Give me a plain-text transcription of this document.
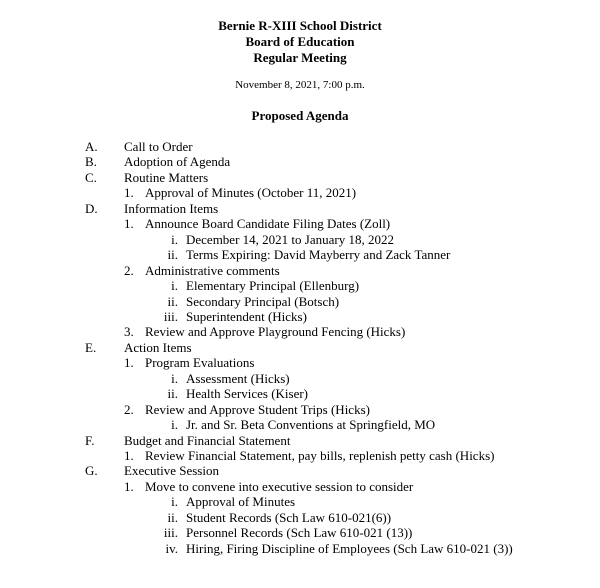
Bernie R-XIII School District
Board of Education
Regular Meeting
November 8, 2021, 7:00 p.m.
Proposed Agenda
A.	Call to Order
B.	Adoption of Agenda
C.	Routine Matters
1. Approval of Minutes (October 11, 2021)
D.	Information Items
1. Announce Board Candidate Filing Dates (Zoll)
i. December 14, 2021 to January 18, 2022
ii. Terms Expiring: David Mayberry and Zack Tanner
2. Administrative comments
i. Elementary Principal (Ellenburg)
ii. Secondary Principal (Botsch)
iii. Superintendent (Hicks)
3. Review and Approve Playground Fencing (Hicks)
E.	Action Items
1. Program Evaluations
i. Assessment (Hicks)
ii. Health Services (Kiser)
2. Review and Approve Student Trips (Hicks)
i. Jr. and Sr. Beta Conventions at Springfield, MO
F.	Budget and Financial Statement
1. Review Financial Statement, pay bills, replenish petty cash (Hicks)
G.	Executive Session
1. Move to convene into executive session to consider
i. Approval of Minutes
ii. Student Records (Sch Law 610-021(6))
iii. Personnel Records (Sch Law 610-021 (13))
iv. Hiring, Firing Discipline of Employees (Sch Law 610-021 (3))
